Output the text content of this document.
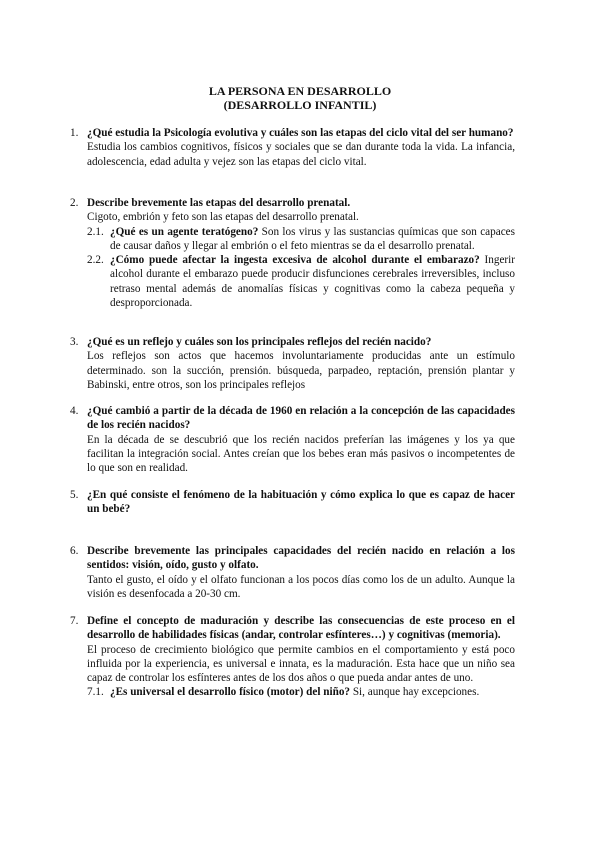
LA PERSONA EN DESARROLLO
(DESARROLLO INFANTIL)
1. ¿Qué estudia la Psicología evolutiva y cuáles son las etapas del ciclo vital del ser humano?
Estudia los cambios cognitivos, físicos y sociales que se dan durante toda la vida. La infancia, adolescencia, edad adulta y vejez son las etapas del ciclo vital.
2. Describe brevemente las etapas del desarrollo prenatal.
Cigoto, embrión y feto son las etapas del desarrollo prenatal.
2.1. ¿Qué es un agente teratógeno? Son los virus y las sustancias químicas que son capaces de causar daños y llegar al embrión o el feto mientras se da el desarrollo prenatal.
2.2. ¿Cómo puede afectar la ingesta excesiva de alcohol durante el embarazo? Ingerir alcohol durante el embarazo puede producir disfunciones cerebrales irreversibles, incluso retraso mental además de anomalías físicas y cognitivas como la cabeza pequeña y desproporcionada.
3. ¿Qué es un reflejo y cuáles son los principales reflejos del recién nacido?
Los reflejos son actos que hacemos involuntariamente producidas ante un estímulo determinado. son la succión, prensión. búsqueda, parpadeo, reptación, prensión plantar y Babinski, entre otros, son los principales reflejos
4. ¿Qué cambió a partir de la década de 1960 en relación a la concepción de las capacidades de los recién nacidos?
En la década de se descubrió que los recién nacidos preferían las imágenes y los ya que facilitan la integración social. Antes creían que los bebes eran más pasivos o incompetentes de lo que son en realidad.
5. ¿En qué consiste el fenómeno de la habituación y cómo explica lo que es capaz de hacer un bebé?
6. Describe brevemente las principales capacidades del recién nacido en relación a los sentidos: visión, oído, gusto y olfato.
Tanto el gusto, el oído y el olfato funcionan a los pocos días como los de un adulto. Aunque la visión es desenfocada a 20-30 cm.
7. Define el concepto de maduración y describe las consecuencias de este proceso en el desarrollo de habilidades físicas (andar, controlar esfínteres…) y cognitivas (memoria).
El proceso de crecimiento biológico que permite cambios en el comportamiento y está poco influida por la experiencia, es universal e innata, es la maduración. Esta hace que un niño sea capaz de controlar los esfínteres antes de los dos años o que pueda andar antes de uno.
7.1. ¿Es universal el desarrollo físico (motor) del niño? Si, aunque hay excepciones.
